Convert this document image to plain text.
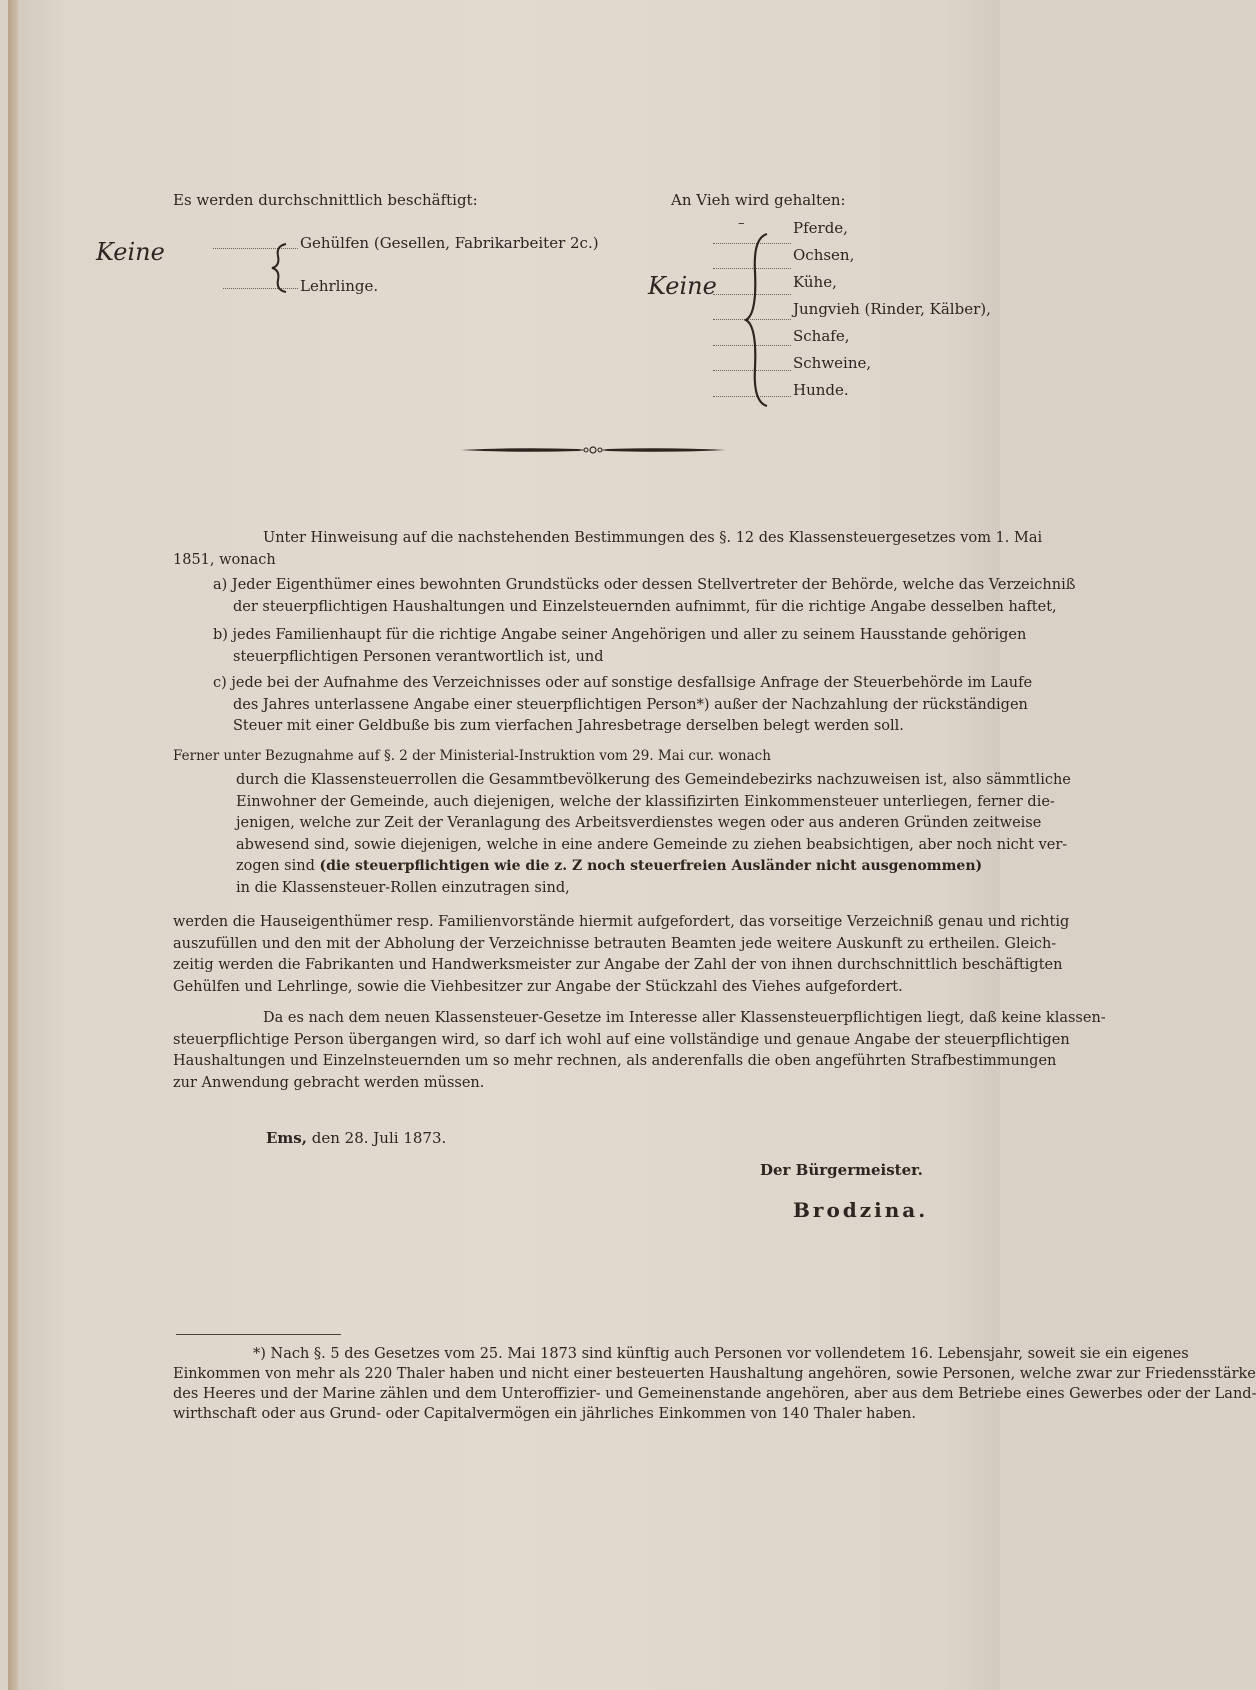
Es werden durchschnittlich beschäftigt:
Keine	Gehülfen (Gesellen, Fabrikarbeiter 2c.)
Lehrlinge.
An Vieh wird gehalten:
Keine
–	Pferde,
Ochsen,
Kühe,
Jungvieh (Rinder, Kälber),
Schafe,
Schweine,
Hunde.
Unter Hinweisung auf die nachstehenden Bestimmungen des §. 12 des Klassensteuergesetzes vom 1. Mai
1851, wonach
a) Jeder Eigenthümer eines bewohnten Grundstücks oder dessen Stellvertreter der Behörde, welche das Verzeichniß
der steuerpflichtigen Haushaltungen und Einzelsteuernden aufnimmt, für die richtige Angabe desselben haftet,
b) jedes Familienhaupt für die richtige Angabe seiner Angehörigen und aller zu seinem Hausstande gehörigen
steuerpflichtigen Personen verantwortlich ist, und
c) jede bei der Aufnahme des Verzeichnisses oder auf sonstige desfallsige Anfrage der Steuerbehörde im Laufe
des Jahres unterlassene Angabe einer steuerpflichtigen Person*) außer der Nachzahlung der rückständigen
Steuer mit einer Geldbuße bis zum vierfachen Jahresbetrage derselben belegt werden soll.
Ferner unter Bezugnahme auf §. 2 der Ministerial-Instruktion vom 29. Mai cur. wonach
durch die Klassensteuerrollen die Gesammtbevölkerung des Gemeindebezirks nachzuweisen ist, also sämmtliche
Einwohner der Gemeinde, auch diejenigen, welche der klassifizirten Einkommensteuer unterliegen, ferner die-
jenigen, welche zur Zeit der Veranlagung des Arbeitsverdienstes wegen oder aus anderen Gründen zeitweise
abwesend sind, sowie diejenigen, welche in eine andere Gemeinde zu ziehen beabsichtigen, aber noch nicht ver-
zogen sind (die steuerpflichtigen wie die z. Z noch steuerfreien Ausländer nicht ausgenommen)
in die Klassensteuer-Rollen einzutragen sind,
werden die Hauseigenthümer resp. Familienvorstände hiermit aufgefordert, das vorseitige Verzeichniß genau und richtig
auszufüllen und den mit der Abholung der Verzeichnisse betrauten Beamten jede weitere Auskunft zu ertheilen. Gleich-
zeitig werden die Fabrikanten und Handwerksmeister zur Angabe der Zahl der von ihnen durchschnittlich beschäftigten
Gehülfen und Lehrlinge, sowie die Viehbesitzer zur Angabe der Stückzahl des Viehes aufgefordert.
Da es nach dem neuen Klassensteuer-Gesetze im Interesse aller Klassensteuerpflichtigen liegt, daß keine klassen-
steuerpflichtige Person übergangen wird, so darf ich wohl auf eine vollständige und genaue Angabe der steuerpflichtigen
Haushaltungen und Einzelnsteuernden um so mehr rechnen, als anderenfalls die oben angeführten Strafbestimmungen
zur Anwendung gebracht werden müssen.
Ems, den 28. Juli 1873.
Der Bürgermeister.
Brodzina.
*) Nach §. 5 des Gesetzes vom 25. Mai 1873 sind künftig auch Personen vor vollendetem 16. Lebensjahr, soweit sie ein eigenes
Einkommen von mehr als 220 Thaler haben und nicht einer besteuerten Haushaltung angehören, sowie Personen, welche zwar zur Friedensstärke
des Heeres und der Marine zählen und dem Unteroffizier- und Gemeinenstande angehören, aber aus dem Betriebe eines Gewerbes oder der Land-
wirthschaft oder aus Grund- oder Capitalvermögen ein jährliches Einkommen von 140 Thaler haben.
